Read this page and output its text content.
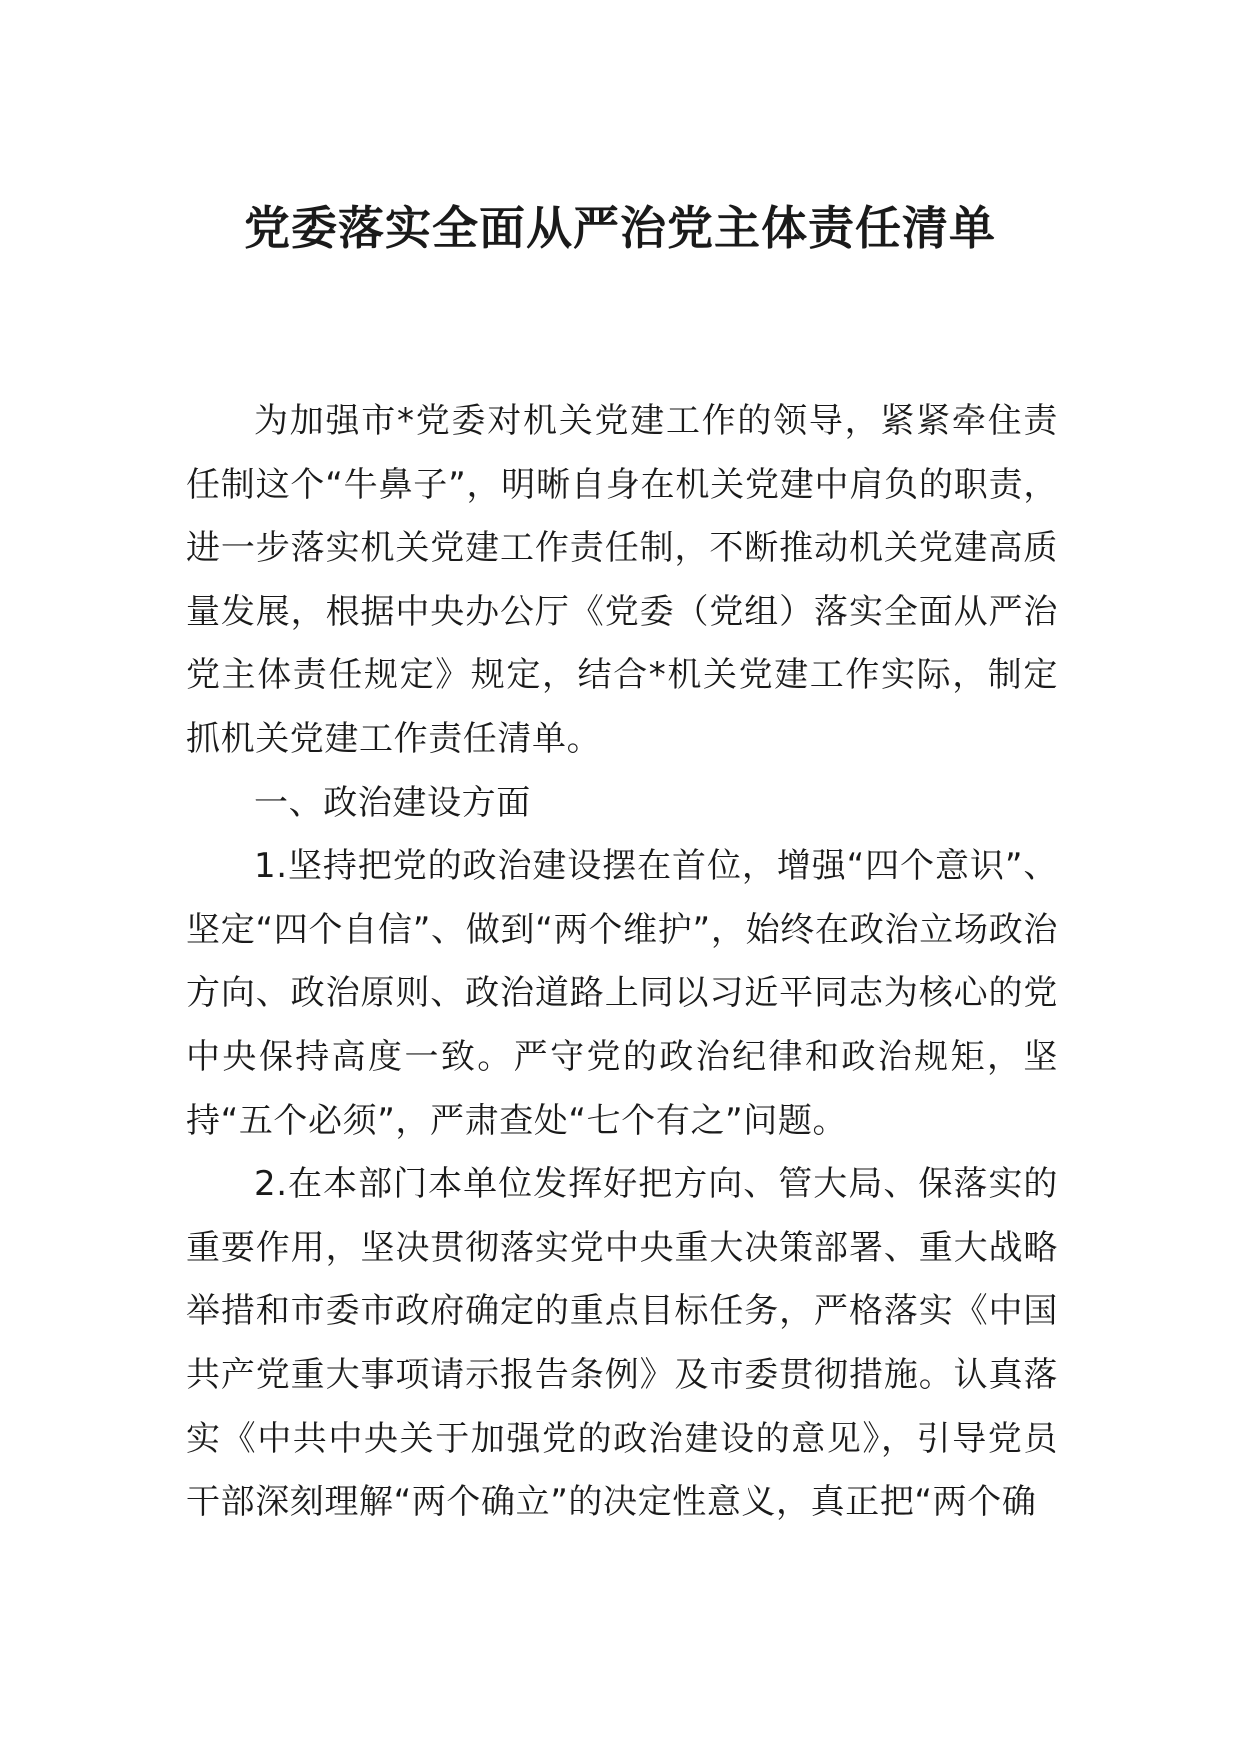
党委落实全面从严治党主体责任清单

为加强市*党委对机关党建工作的领导，紧紧牵住责任制这个“牛鼻子”，明晰自身在机关党建中肩负的职责，进一步落实机关党建工作责任制，不断推动机关党建高质量发展，根据中央办公厅《党委（党组）落实全面从严治党主体责任规定》规定，结合*机关党建工作实际，制定抓机关党建工作责任清单。

一、政治建设方面

1.坚持把党的政治建设摆在首位，增强“四个意识”、坚定“四个自信”、做到“两个维护”，始终在政治立场政治方向、政治原则、政治道路上同以习近平同志为核心的党中央保持高度一致。严守党的政治纪律和政治规矩，坚持“五个必须”，严肃查处“七个有之”问题。

2.在本部门本单位发挥好把方向、管大局、保落实的重要作用，坚决贯彻落实党中央重大决策部署、重大战略举措和市委市政府确定的重点目标任务，严格落实《中国共产党重大事项请示报告条例》及市委贯彻措施。认真落实《中共中央关于加强党的政治建设的意见》，引导党员干部深刻理解“两个确立”的决定性意义，真正把“两个确
